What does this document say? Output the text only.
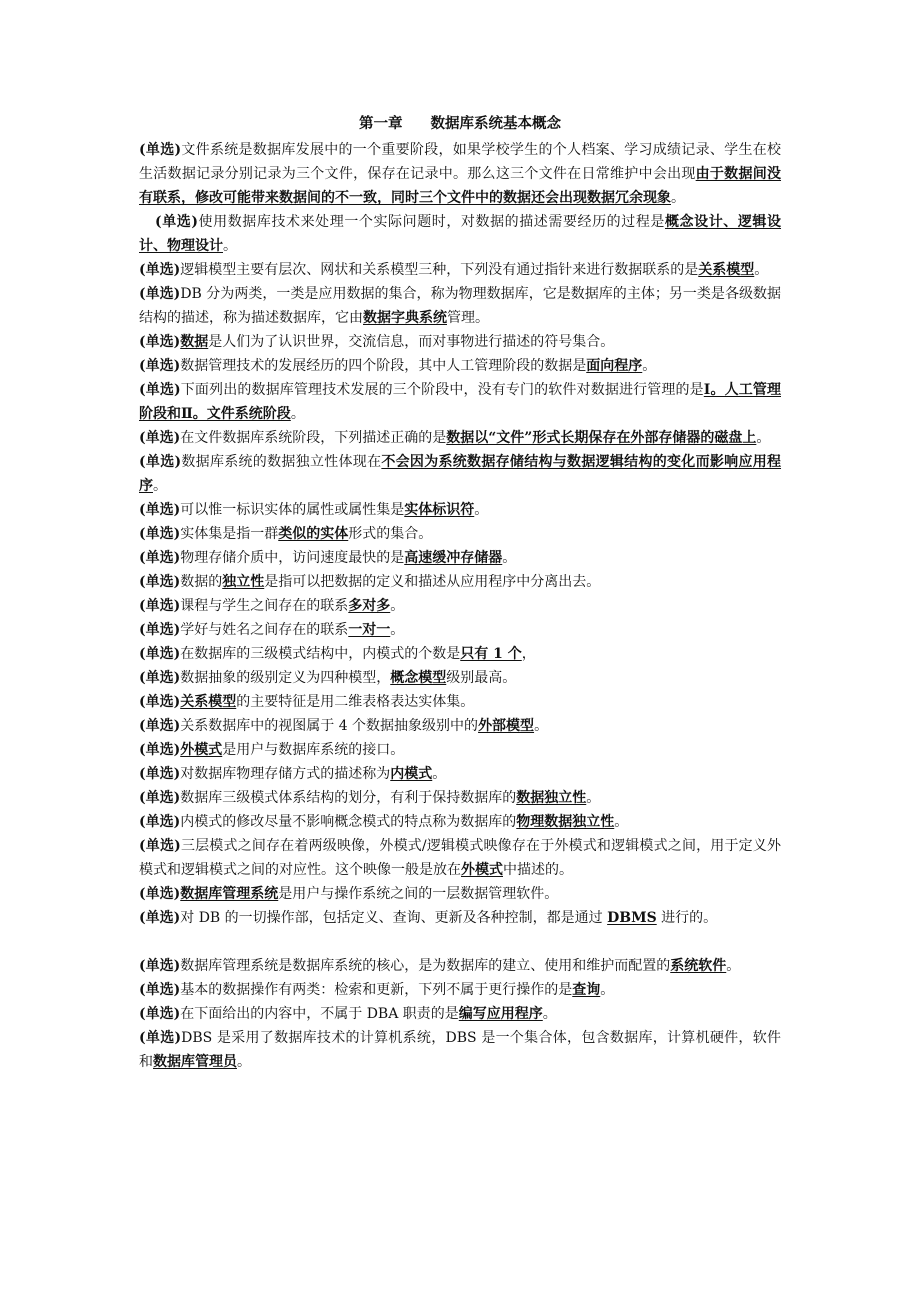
第一章 数据库系统基本概念

(单选)文件系统是数据库发展中的一个重要阶段，如果学校学生的个人档案、学习成绩记录、学生在校生活数据记录分别记录为三个文件，保存在记录中。那么这三个文件在日常维护中会出现由于数据间没有联系，修改可能带来数据间的不一致，同时三个文件中的数据还会出现数据冗余现象。

(单选)使用数据库技术来处理一个实际问题时，对数据的描述需要经历的过程是概念设计、逻辑设计、物理设计。

(单选)逻辑模型主要有层次、网状和关系模型三种，下列没有通过指针来进行数据联系的是关系模型。

(单选)DB 分为两类，一类是应用数据的集合，称为物理数据库，它是数据库的主体；另一类是各级数据结构的描述，称为描述数据库，它由数据字典系统管理。

(单选)数据是人们为了认识世界，交流信息，而对事物进行描述的符号集合。

(单选)数据管理技术的发展经历的四个阶段，其中人工管理阶段的数据是面向程序。

(单选)下面列出的数据库管理技术发展的三个阶段中，没有专门的软件对数据进行管理的是Ⅰ。人工管理阶段和Ⅱ。文件系统阶段。

(单选)在文件数据库系统阶段，下列描述正确的是数据以“文件”形式长期保存在外部存储器的磁盘上。

(单选)数据库系统的数据独立性体现在不会因为系统数据存储结构与数据逻辑结构的变化而影响应用程序。

(单选)可以惟一标识实体的属性或属性集是实体标识符。

(单选)实体集是指一群类似的实体形式的集合。

(单选)物理存储介质中，访问速度最快的是高速缓冲存储器。

(单选)数据的独立性是指可以把数据的定义和描述从应用程序中分离出去。

(单选)课程与学生之间存在的联系多对多。

(单选)学好与姓名之间存在的联系一对一。

(单选)在数据库的三级模式结构中，内模式的个数是只有 1 个，

(单选)数据抽象的级别定义为四种模型，概念模型级别最高。

(单选)关系模型的主要特征是用二维表格表达实体集。

(单选)关系数据库中的视图属于 4 个数据抽象级别中的外部模型。

(单选)外模式是用户与数据库系统的接口。

(单选)对数据库物理存储方式的描述称为内模式。

(单选)数据库三级模式体系结构的划分，有利于保持数据库的数据独立性。

(单选)内模式的修改尽量不影响概念模式的特点称为数据库的物理数据独立性。

(单选)三层模式之间存在着两级映像，外模式/逻辑模式映像存在于外模式和逻辑模式之间，用于定义外模式和逻辑模式之间的对应性。这个映像一般是放在外模式中描述的。

(单选)数据库管理系统是用户与操作系统之间的一层数据管理软件。

(单选)对 DB 的一切操作部，包括定义、查询、更新及各种控制，都是通过 DBMS 进行的。

(单选)数据库管理系统是数据库系统的核心，是为数据库的建立、使用和维护而配置的系统软件。

(单选)基本的数据操作有两类：检索和更新，下列不属于更行操作的是查询。

(单选)在下面给出的内容中，不属于 DBA 职责的是编写应用程序。

(单选)DBS 是采用了数据库技术的计算机系统，DBS 是一个集合体，包含数据库，计算机硬件，软件和数据库管理员。
